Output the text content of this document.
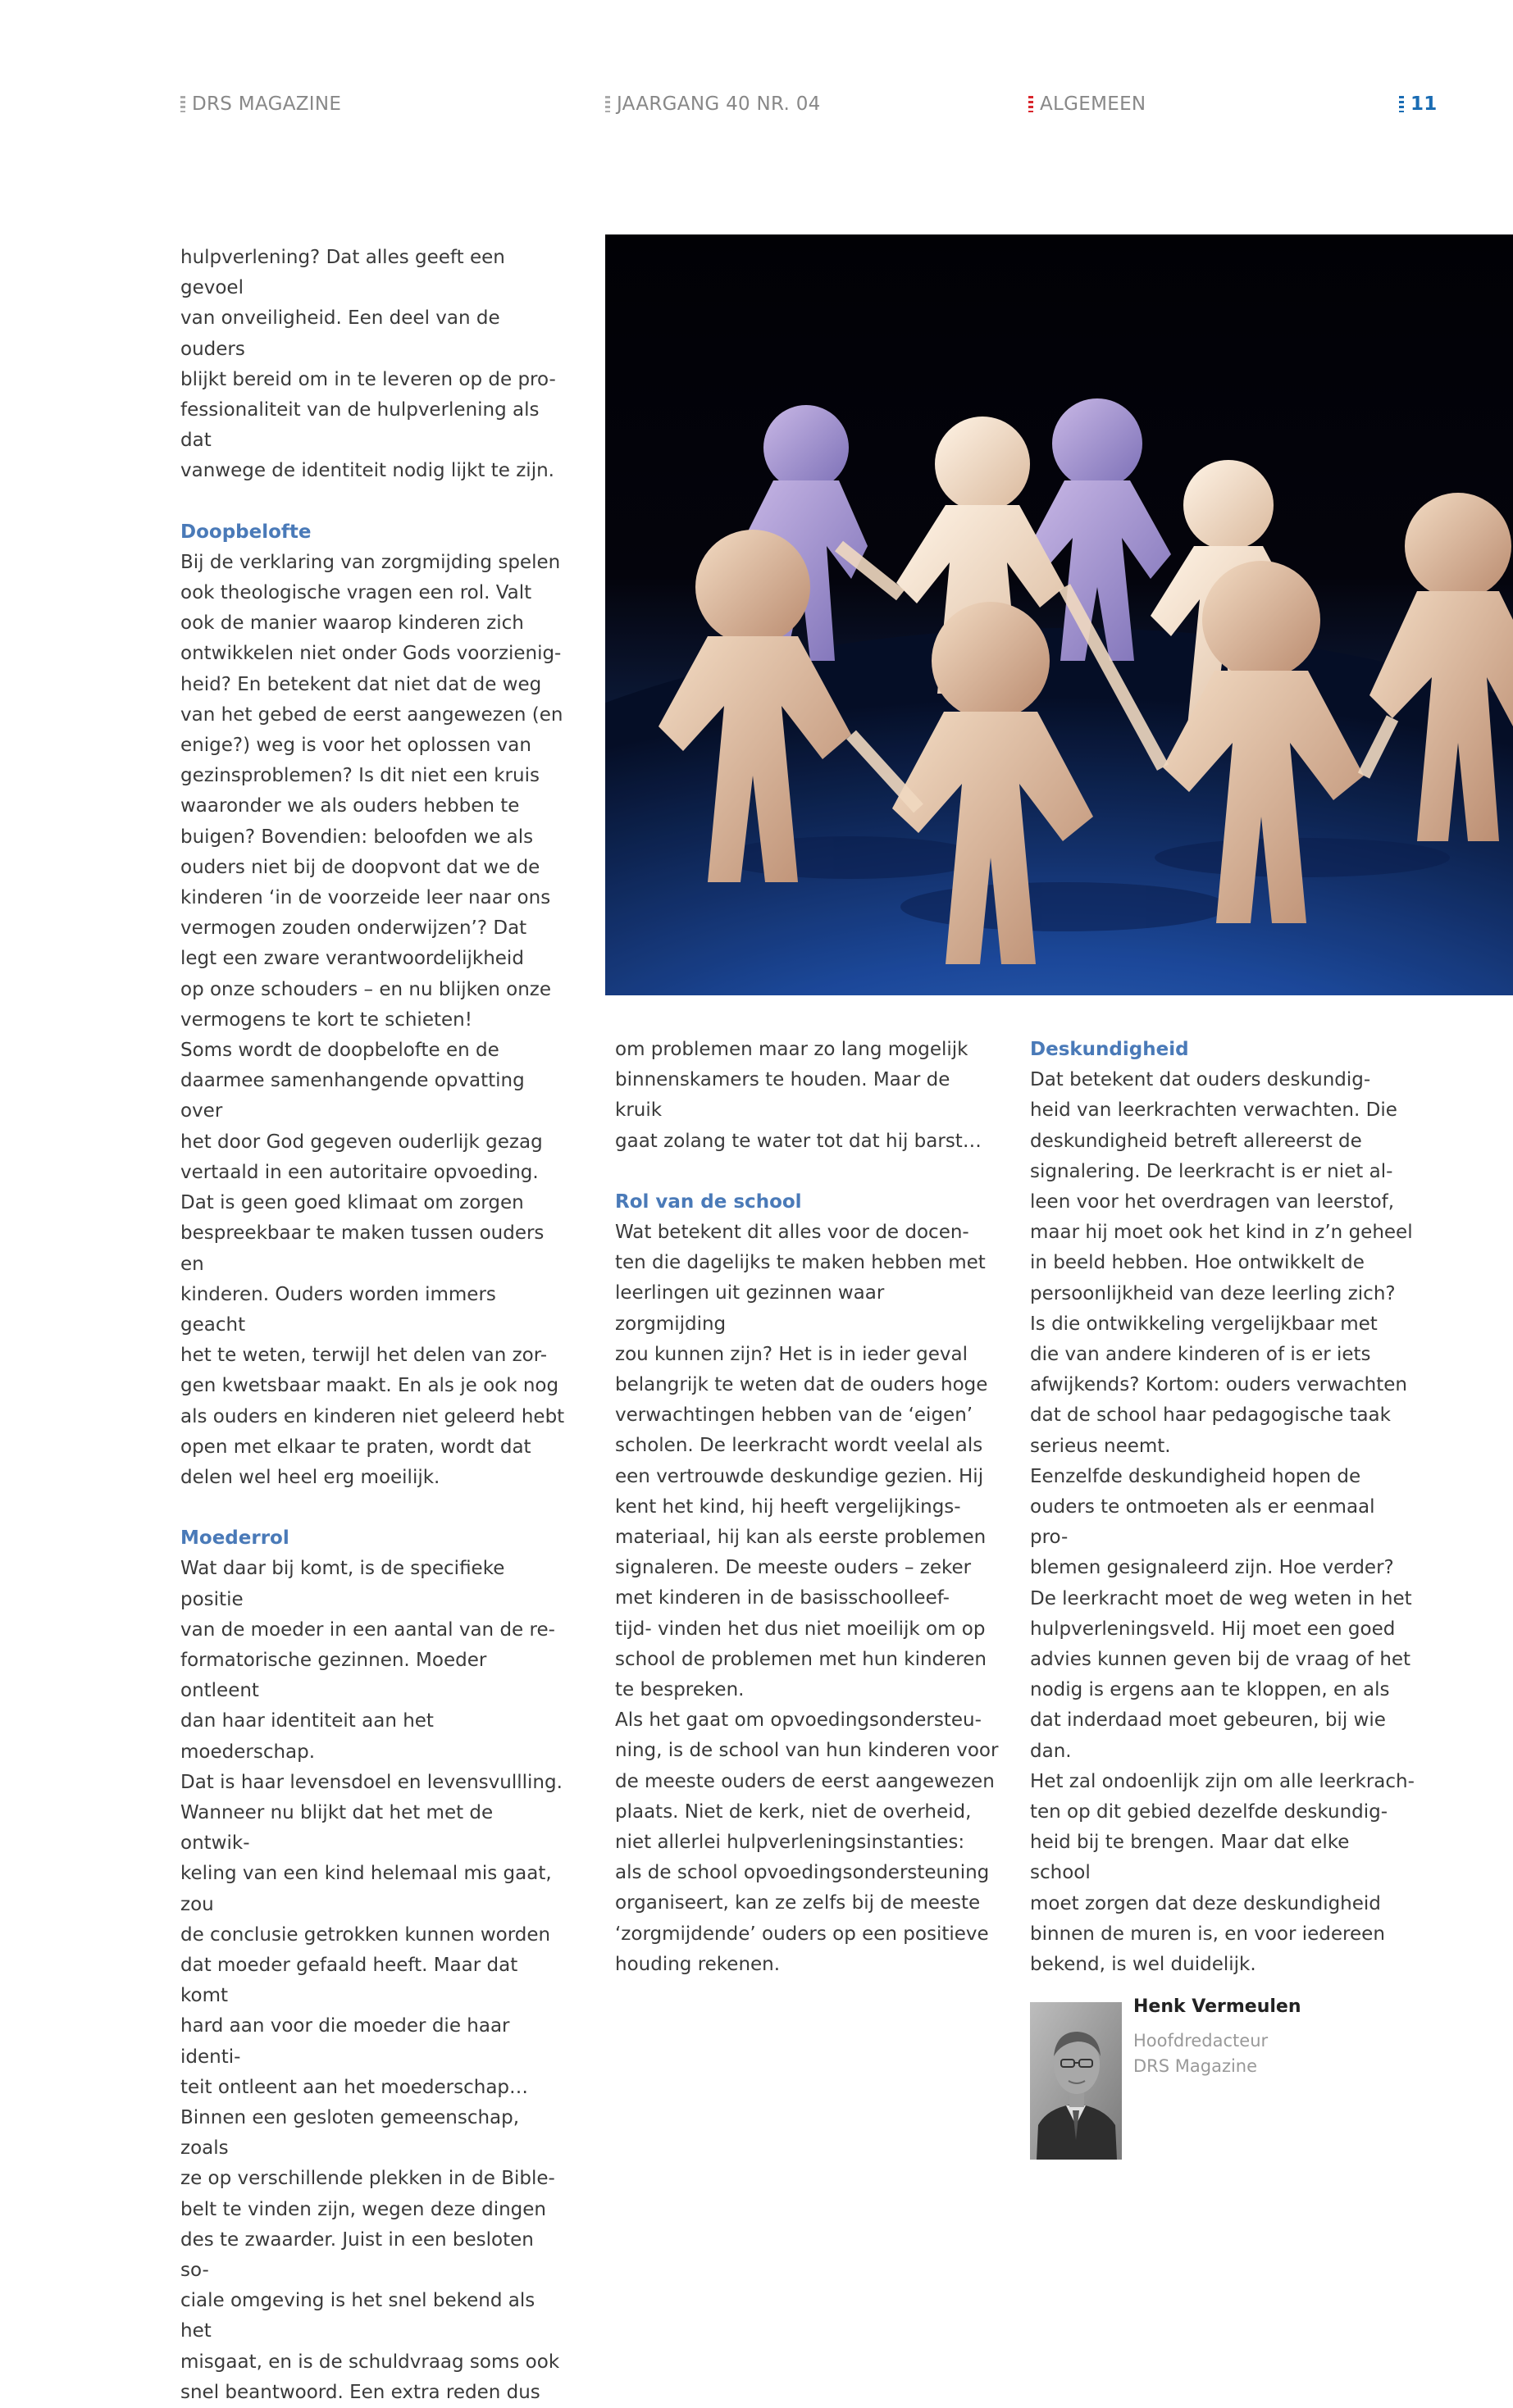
DRS MAGAZINE	JAARGANG 40 NR. 04	ALGEMEEN	11

hulpverlening? Dat alles geeft een gevoel
van onveiligheid. Een deel van de ouders
blijkt bereid om in te leveren op de pro-
fessionaliteit van de hulpverlening als dat
vanwege de identiteit nodig lijkt te zijn.

Doopbelofte

Bij de verklaring van zorgmijding spelen
ook theologische vragen een rol. Valt
ook de manier waarop kinderen zich
ontwikkelen niet onder Gods voorzienig-
heid? En betekent dat niet dat de weg
van het gebed de eerst aangewezen (en
enige?) weg is voor het oplossen van
gezinsproblemen? Is dit niet een kruis
waaronder we als ouders hebben te
buigen? Bovendien: beloofden we als
ouders niet bij de doopvont dat we de
kinderen ‘in de voorzeide leer naar ons
vermogen zouden onderwijzen’? Dat
legt een zware verantwoordelijkheid
op onze schouders – en nu blijken onze
vermogens te kort te schieten!
Soms wordt de doopbelofte en de
daarmee samenhangende opvatting over
het door God gegeven ouderlijk gezag
vertaald in een autoritaire opvoeding.
Dat is geen goed klimaat om zorgen
bespreekbaar te maken tussen ouders en
kinderen. Ouders worden immers geacht
het te weten, terwijl het delen van zor-
gen kwetsbaar maakt. En als je ook nog
als ouders en kinderen niet geleerd hebt
open met elkaar te praten, wordt dat
delen wel heel erg moeilijk.

Moederrol

Wat daar bij komt, is de specifieke positie
van de moeder in een aantal van de re-
formatorische gezinnen. Moeder ontleent
dan haar identiteit aan het moederschap.
Dat is haar levensdoel en levensvullling.
Wanneer nu blijkt dat het met de ontwik-
keling van een kind helemaal mis gaat, zou
de conclusie getrokken kunnen worden
dat moeder gefaald heeft. Maar dat komt
hard aan voor die moeder die haar identi-
teit ontleent aan het moederschap…
Binnen een gesloten gemeenschap, zoals
ze op verschillende plekken in de Bible-
belt te vinden zijn, wegen deze dingen
des te zwaarder. Juist in een besloten so-
ciale omgeving is het snel bekend als het
misgaat, en is de schuldvraag soms ook
snel beantwoord. Een extra reden dus

om problemen maar zo lang mogelijk
binnenskamers te houden. Maar de kruik
gaat zolang te water tot dat hij barst…

Rol van de school

Wat betekent dit alles voor de docen-
ten die dagelijks te maken hebben met
leerlingen uit gezinnen waar zorgmijding
zou kunnen zijn? Het is in ieder geval
belangrijk te weten dat de ouders hoge
verwachtingen hebben van de ‘eigen’
scholen. De leerkracht wordt veelal als
een vertrouwde deskundige gezien. Hij
kent het kind, hij heeft vergelijkings-
materiaal, hij kan als eerste problemen
signaleren. De meeste ouders – zeker
met kinderen in de basisschoolleef-
tijd- vinden het dus niet moeilijk om op
school de problemen met hun kinderen
te bespreken.
Als het gaat om opvoedingsondersteu-
ning, is de school van hun kinderen voor
de meeste ouders de eerst aangewezen
plaats. Niet de kerk, niet de overheid,
niet allerlei hulpverleningsinstanties:
als de school opvoedingsondersteuning
organiseert, kan ze zelfs bij de meeste
‘zorgmijdende’ ouders op een positieve
houding rekenen.

Deskundigheid

Dat betekent dat ouders deskundig-
heid van leerkrachten verwachten. Die
deskundigheid betreft allereerst de
signalering. De leerkracht is er niet al-
leen voor het overdragen van leerstof,
maar hij moet ook het kind in z’n geheel
in beeld hebben. Hoe ontwikkelt de
persoonlijkheid van deze leerling zich?
Is die ontwikkeling vergelijkbaar met
die van andere kinderen of is er iets
afwijkends? Kortom: ouders verwachten
dat de school haar pedagogische taak
serieus neemt.
Eenzelfde deskundigheid hopen de
ouders te ontmoeten als er eenmaal pro-
blemen gesignaleerd zijn. Hoe verder?
De leerkracht moet de weg weten in het
hulpverleningsveld. Hij moet een goed
advies kunnen geven bij de vraag of het
nodig is ergens aan te kloppen, en als
dat inderdaad moet gebeuren, bij wie
dan.
Het zal ondoenlijk zijn om alle leerkrach-
ten op dit gebied dezelfde deskundig-
heid bij te brengen. Maar dat elke school
moet zorgen dat deze deskundigheid
binnen de muren is, en voor iedereen
bekend, is wel duidelijk.

Henk Vermeulen
Hoofdredacteur
DRS Magazine
